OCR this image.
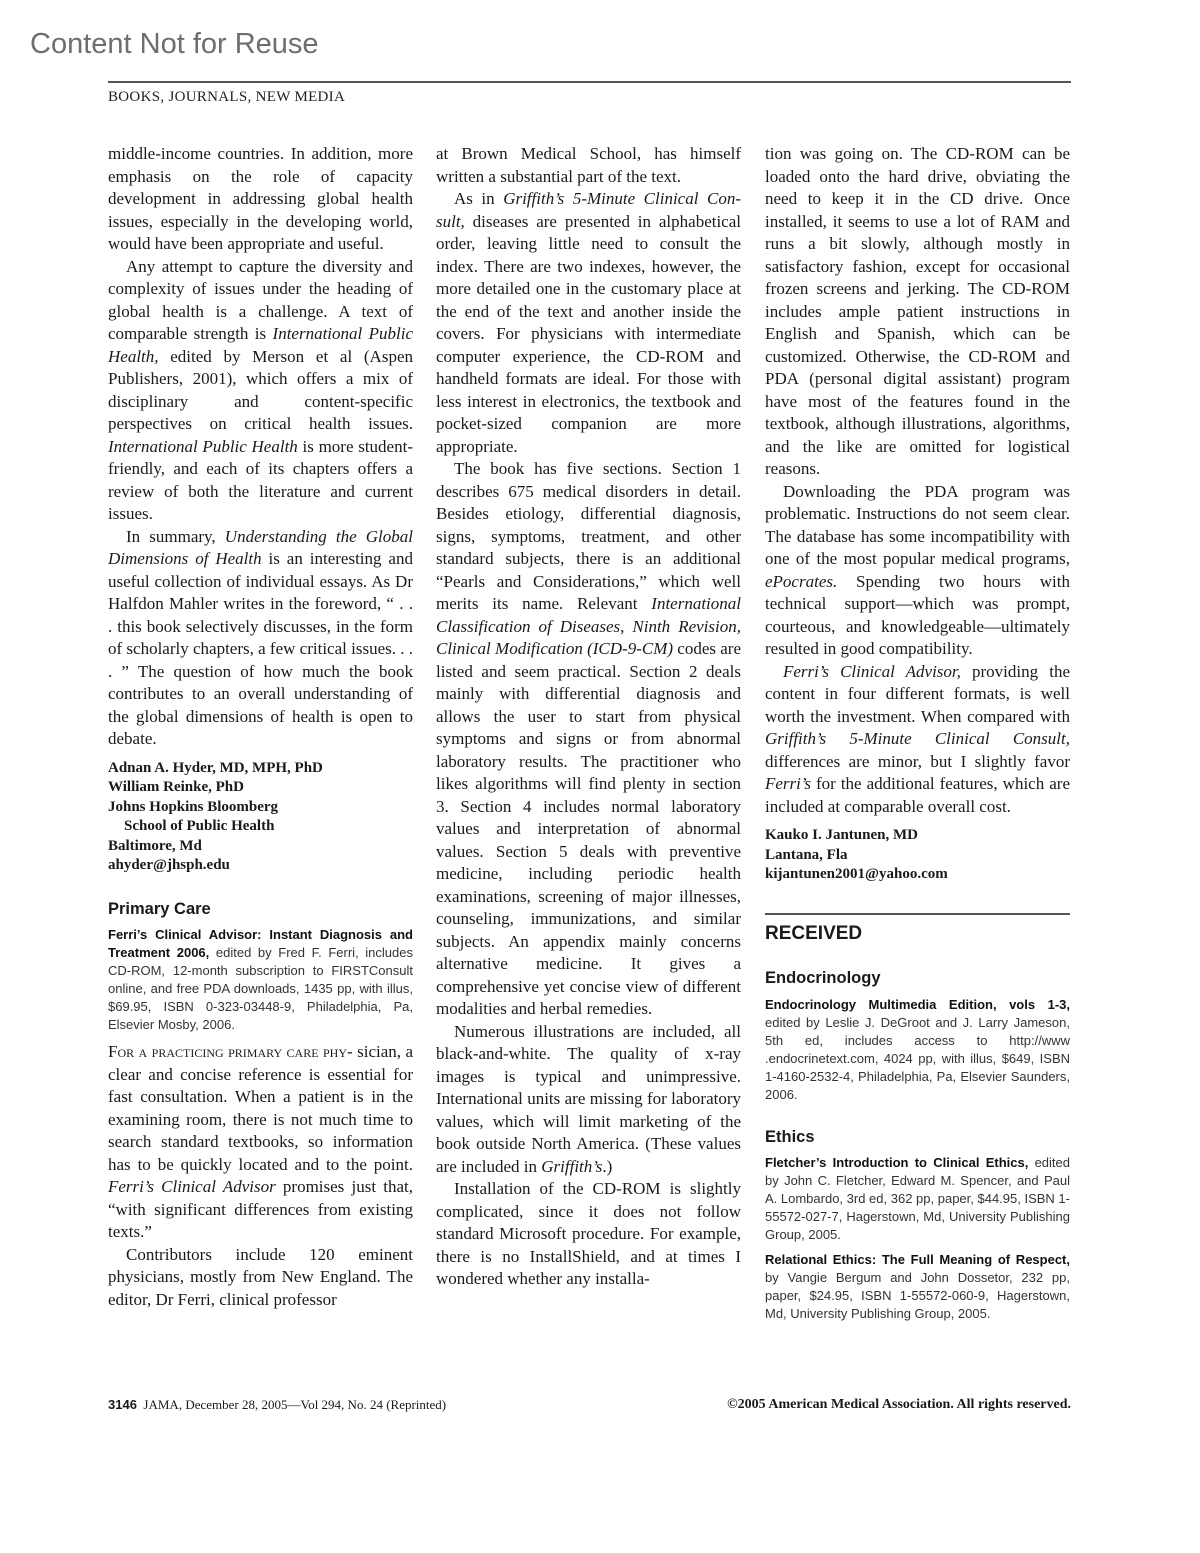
Content Not for Reuse
BOOKS, JOURNALS, NEW MEDIA

middle-income countries. In addition, more emphasis on the role of capacity development in addressing global health issues, especially in the developing world, would have been appropriate and useful.

Any attempt to capture the diversity and complexity of issues under the heading of global health is a challenge. A text of comparable strength is International Public Health, edited by Merson et al (Aspen Publishers, 2001), which offers a mix of disciplinary and content-specific perspectives on critical health issues. International Public Health is more student-friendly, and each of its chapters offers a review of both the literature and current issues.

In summary, Understanding the Global Dimensions of Health is an interesting and useful collection of individual essays. As Dr Halfdon Mahler writes in the foreword, “ . . . this book selectively discusses, in the form of scholarly chapters, a few critical issues. . . . ” The question of how much the book contributes to an overall understanding of the global dimensions of health is open to debate.

Adnan A. Hyder, MD, MPH, PhD
William Reinke, PhD
Johns Hopkins Bloomberg
School of Public Health
Baltimore, Md
ahyder@jhsph.edu
Primary Care
Ferri’s Clinical Advisor: Instant Diagnosis and Treatment 2006, edited by Fred F. Ferri, includes CD-ROM, 12-month subscription to FIRSTConsult online, and free PDA downloads, 1435 pp, with illus, $69.95, ISBN 0-323-03448-9, Philadelphia, Pa, Elsevier Mosby, 2006.

For a practicing primary care phy- sician, a clear and concise reference is essential for fast consultation. When a patient is in the examining room, there is not much time to search standard textbooks, so information has to be quickly located and to the point. Ferri’s Clinical Advisor promises just that, “with significant differences from existing texts.”

Contributors include 120 eminent physicians, mostly from New England. The editor, Dr Ferri, clinical professor

at Brown Medical School, has himself written a substantial part of the text.

As in Griffith’s 5-Minute Clinical Consult, diseases are presented in alphabetical order, leaving little need to consult the index. There are two indexes, however, the more detailed one in the customary place at the end of the text and another inside the covers. For physicians with intermediate computer experience, the CD-ROM and handheld formats are ideal. For those with less interest in electronics, the textbook and pocket-sized companion are more appropriate.

The book has five sections. Section 1 describes 675 medical disorders in detail. Besides etiology, differential diagnosis, signs, symptoms, treatment, and other standard subjects, there is an additional “Pearls and Considerations,” which well merits its name. Relevant International Classification of Diseases, Ninth Revision, Clinical Modification (ICD-9-CM) codes are listed and seem practical. Section 2 deals mainly with differential diagnosis and allows the user to start from physical symptoms and signs or from abnormal laboratory results. The practitioner who likes algorithms will find plenty in section 3. Section 4 includes normal laboratory values and interpretation of abnormal values. Section 5 deals with preventive medicine, including periodic health examinations, screening of major illnesses, counseling, immunizations, and similar subjects. An appendix mainly concerns alternative medicine. It gives a comprehensive yet concise view of different modalities and herbal remedies.

Numerous illustrations are included, all black-and-white. The quality of x-ray images is typical and unimpressive. International units are missing for laboratory values, which will limit marketing of the book outside North America. (These values are included in Griffith’s.)

Installation of the CD-ROM is slightly complicated, since it does not follow standard Microsoft procedure. For example, there is no InstallShield, and at times I wondered whether any installa-

tion was going on. The CD-ROM can be loaded onto the hard drive, obviating the need to keep it in the CD drive. Once installed, it seems to use a lot of RAM and runs a bit slowly, although mostly in satisfactory fashion, except for occasional frozen screens and jerking. The CD-ROM includes ample patient instructions in English and Spanish, which can be customized. Otherwise, the CD-ROM and PDA (personal digital assistant) program have most of the features found in the textbook, although illustrations, algorithms, and the like are omitted for logistical reasons.

Downloading the PDA program was problematic. Instructions do not seem clear. The database has some incompatibility with one of the most popular medical programs, ePocrates. Spending two hours with technical support—which was prompt, courteous, and knowledgeable—ultimately resulted in good compatibility.

Ferri’s Clinical Advisor, providing the content in four different formats, is well worth the investment. When compared with Griffith’s 5-Minute Clinical Consult, differences are minor, but I slightly favor Ferri’s for the additional features, which are included at comparable overall cost.

Kauko I. Jantunen, MD
Lantana, Fla
kijantunen2001@yahoo.com
RECEIVED
Endocrinology
Endocrinology Multimedia Edition, vols 1-3, edited by Leslie J. DeGroot and J. Larry Jameson, 5th ed, includes access to http://www .endocrinetext.com, 4024 pp, with illus, $649, ISBN 1-4160-2532-4, Philadelphia, Pa, Elsevier Saunders, 2006.
Ethics
Fletcher’s Introduction to Clinical Ethics, edited by John C. Fletcher, Edward M. Spencer, and Paul A. Lombardo, 3rd ed, 362 pp, paper, $44.95, ISBN 1-55572-027-7, Hagerstown, Md, University Publishing Group, 2005.
Relational Ethics: The Full Meaning of Respect, by Vangie Bergum and John Dossetor, 232 pp, paper, $24.95, ISBN 1-55572-060-9, Hagerstown, Md, University Publishing Group, 2005.
3146 JAMA, December 28, 2005—Vol 294, No. 24 (Reprinted)	©2005 American Medical Association. All rights reserved.
